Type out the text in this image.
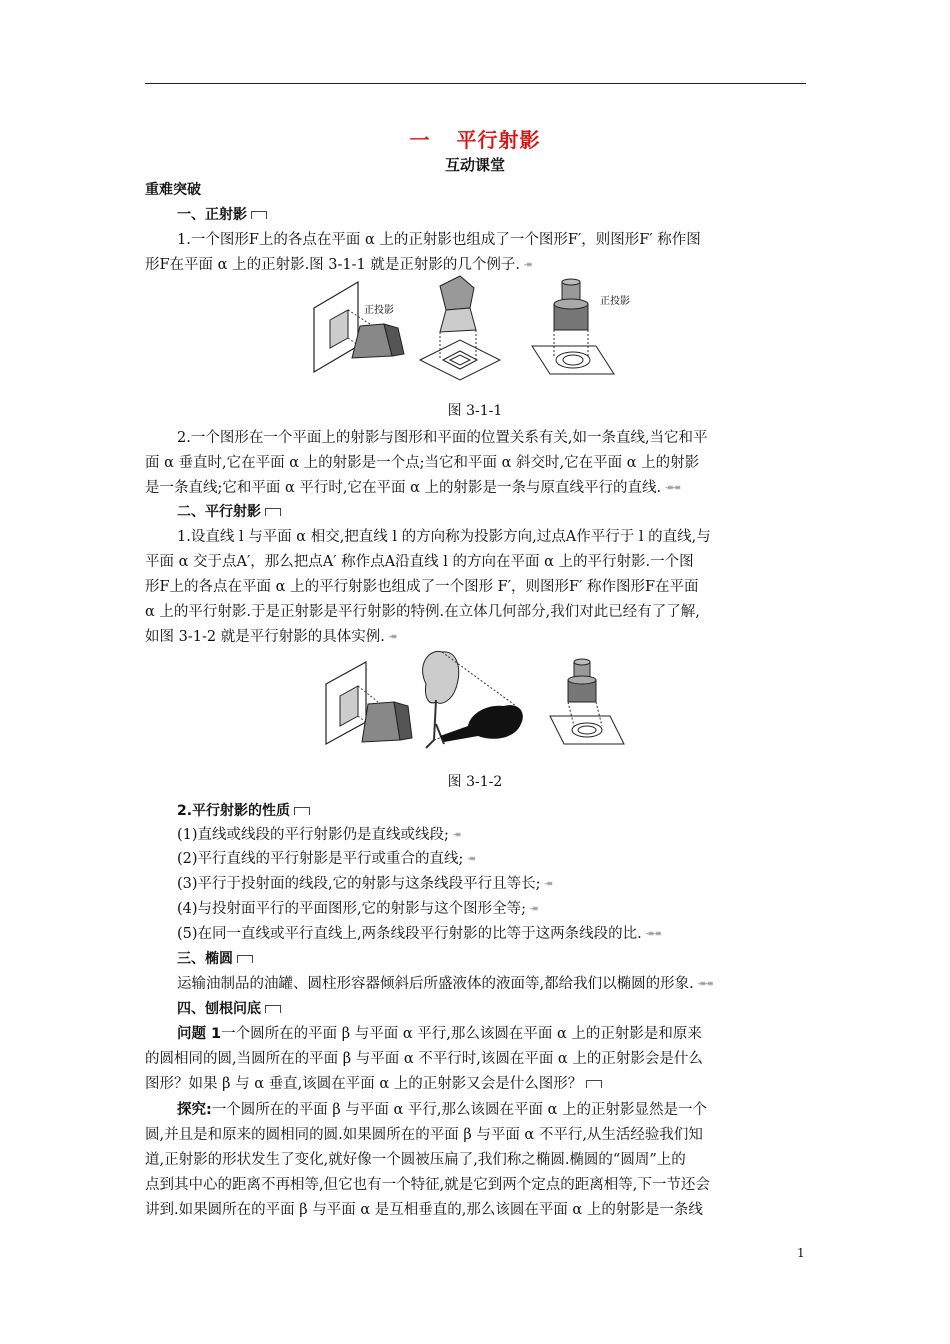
一 平行射影
互动课堂
重难突破
一、正射影
1.一个图形F上的各点在平面 α 上的正射影也组成了一个图形F′，则图形F′ 称作图
形F在平面 α 上的正射影.图 3-1-1 就是正射影的几个例子. -≡
正投影
正投影
图 3-1-1
2.一个图形在一个平面上的射影与图形和平面的位置关系有关,如一条直线,当它和平
面 α 垂直时,它在平面 α 上的射影是一个点;当它和平面 α 斜交时,它在平面 α 上的射影
是一条直线;它和平面 α 平行时,它在平面 α 上的射影是一条与原直线平行的直线. -≡-≡
二、平行射影
1.设直线 l 与平面 α 相交,把直线 l 的方向称为投影方向,过点A作平行于 l 的直线,与
平面 α 交于点A′，那么把点A′ 称作点A沿直线 l 的方向在平面 α 上的平行射影.一个图
形F上的各点在平面 α 上的平行射影也组成了一个图形 F′，则图形F′ 称作图形F在平面
α 上的平行射影.于是正射影是平行射影的特例.在立体几何部分,我们对此已经有了了解,
如图 3-1-2 就是平行射影的具体实例. -≡
图 3-1-2
2.平行射影的性质
(1)直线或线段的平行射影仍是直线或线段; -≡
(2)平行直线的平行射影是平行或重合的直线; -≡
(3)平行于投射面的线段,它的射影与这条线段平行且等长; -≡
(4)与投射面平行的平面图形,它的射影与这个图形全等; -≡
(5)在同一直线或平行直线上,两条线段平行射影的比等于这两条线段的比. -≡-≡
三、椭圆
运输油制品的油罐、圆柱形容器倾斜后所盛液体的液面等,都给我们以椭圆的形象. -≡-≡
四、刨根问底
问题 1一个圆所在的平面 β 与平面 α 平行,那么该圆在平面 α 上的正射影是和原来
的圆相同的圆,当圆所在的平面 β 与平面 α 不平行时,该圆在平面 α 上的正射影会是什么
图形？如果 β 与 α 垂直,该圆在平面 α 上的正射影又会是什么图形？
探究:一个圆所在的平面 β 与平面 α 平行,那么该圆在平面 α 上的正射影显然是一个
圆,并且是和原来的圆相同的圆.如果圆所在的平面 β 与平面 α 不平行,从生活经验我们知
道,正射影的形状发生了变化,就好像一个圆被压扁了,我们称之椭圆.椭圆的“圆周”上的
点到其中心的距离不再相等,但它也有一个特征,就是它到两个定点的距离相等,下一节还会
讲到.如果圆所在的平面 β 与平面 α 是互相垂直的,那么该圆在平面 α 上的射影是一条线
1
